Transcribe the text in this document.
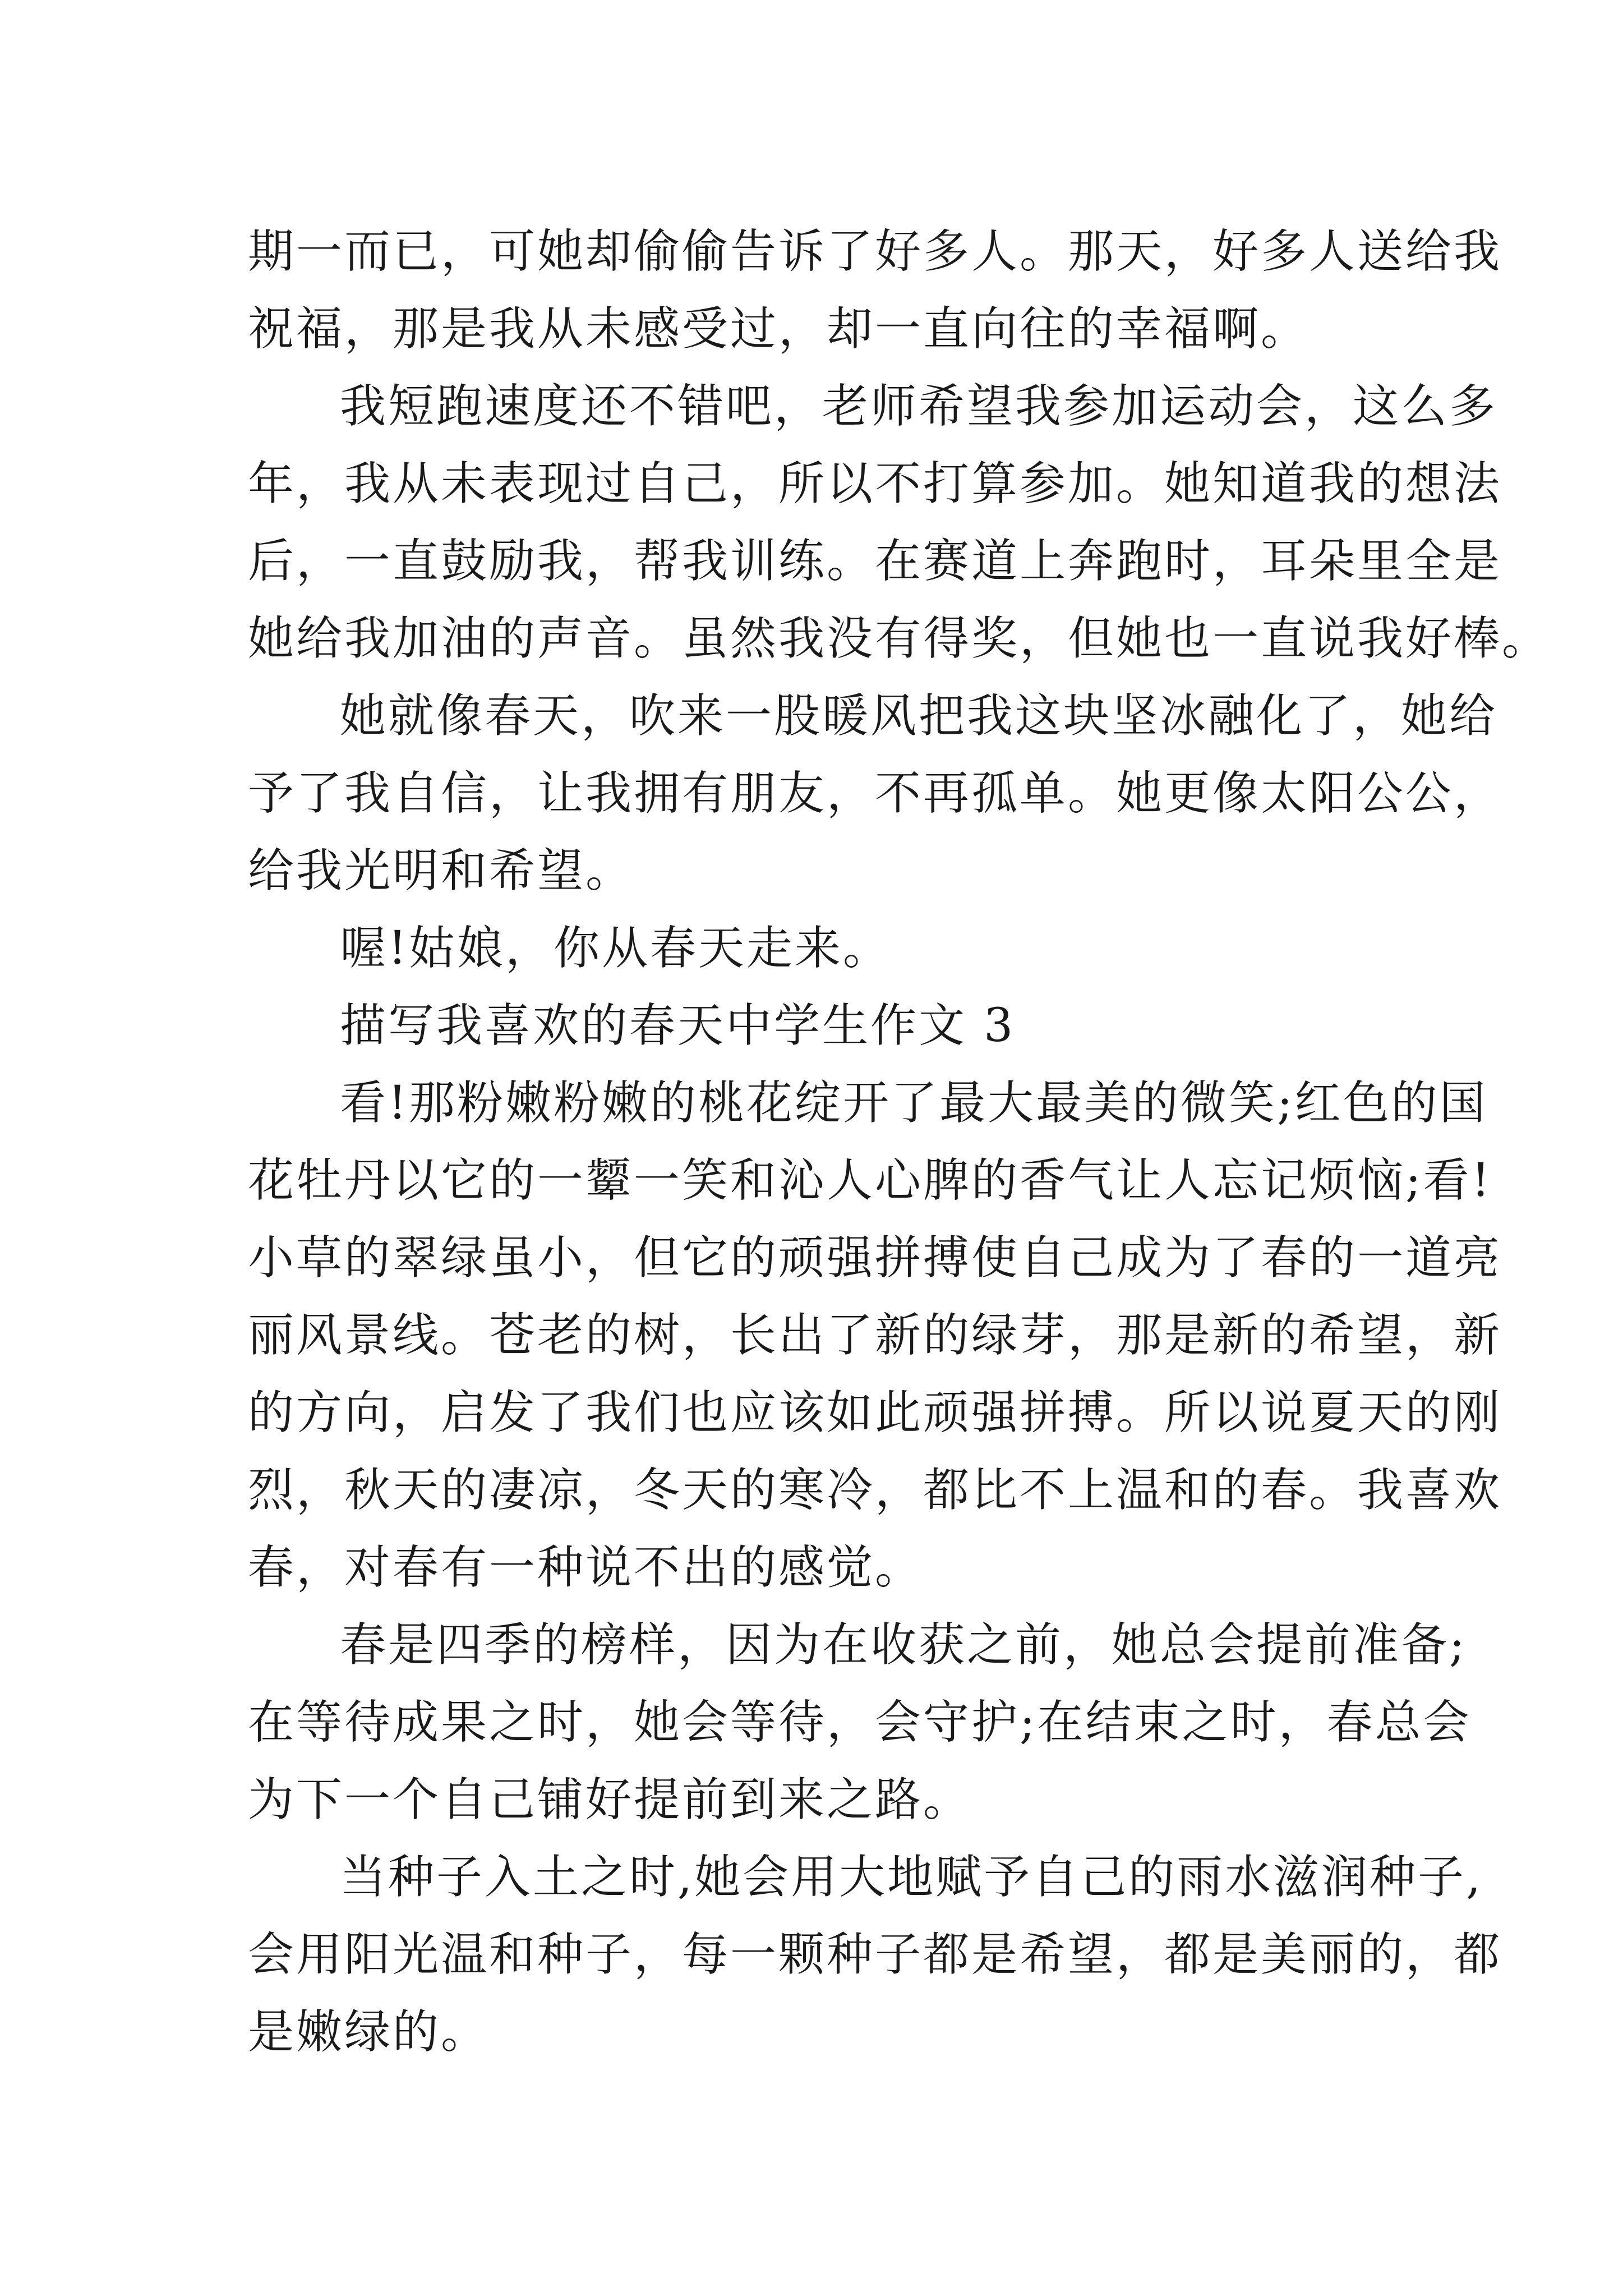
期一而已，可她却偷偷告诉了好多人。那天，好多人送给我
祝福，那是我从未感受过，却一直向往的幸福啊。

我短跑速度还不错吧，老师希望我参加运动会，这么多
年，我从未表现过自己，所以不打算参加。她知道我的想法
后，一直鼓励我，帮我训练。在赛道上奔跑时，耳朵里全是
她给我加油的声音。虽然我没有得奖，但她也一直说我好棒。

她就像春天，吹来一股暖风把我这块坚冰融化了，她给
予了我自信，让我拥有朋友，不再孤单。她更像太阳公公，
给我光明和希望。

喔!姑娘，你从春天走来。

描写我喜欢的春天中学生作文 3

看!那粉嫩粉嫩的桃花绽开了最大最美的微笑;红色的国
花牡丹以它的一颦一笑和沁人心脾的香气让人忘记烦恼;看!
小草的翠绿虽小，但它的顽强拼搏使自己成为了春的一道亮
丽风景线。苍老的树，长出了新的绿芽，那是新的希望，新
的方向，启发了我们也应该如此顽强拼搏。所以说夏天的刚
烈，秋天的凄凉，冬天的寒冷，都比不上温和的春。我喜欢
春，对春有一种说不出的感觉。

春是四季的榜样，因为在收获之前，她总会提前准备;
在等待成果之时，她会等待，会守护;在结束之时，春总会
为下一个自己铺好提前到来之路。

当种子入土之时,她会用大地赋予自己的雨水滋润种子,
会用阳光温和种子，每一颗种子都是希望，都是美丽的，都
是嫩绿的。
